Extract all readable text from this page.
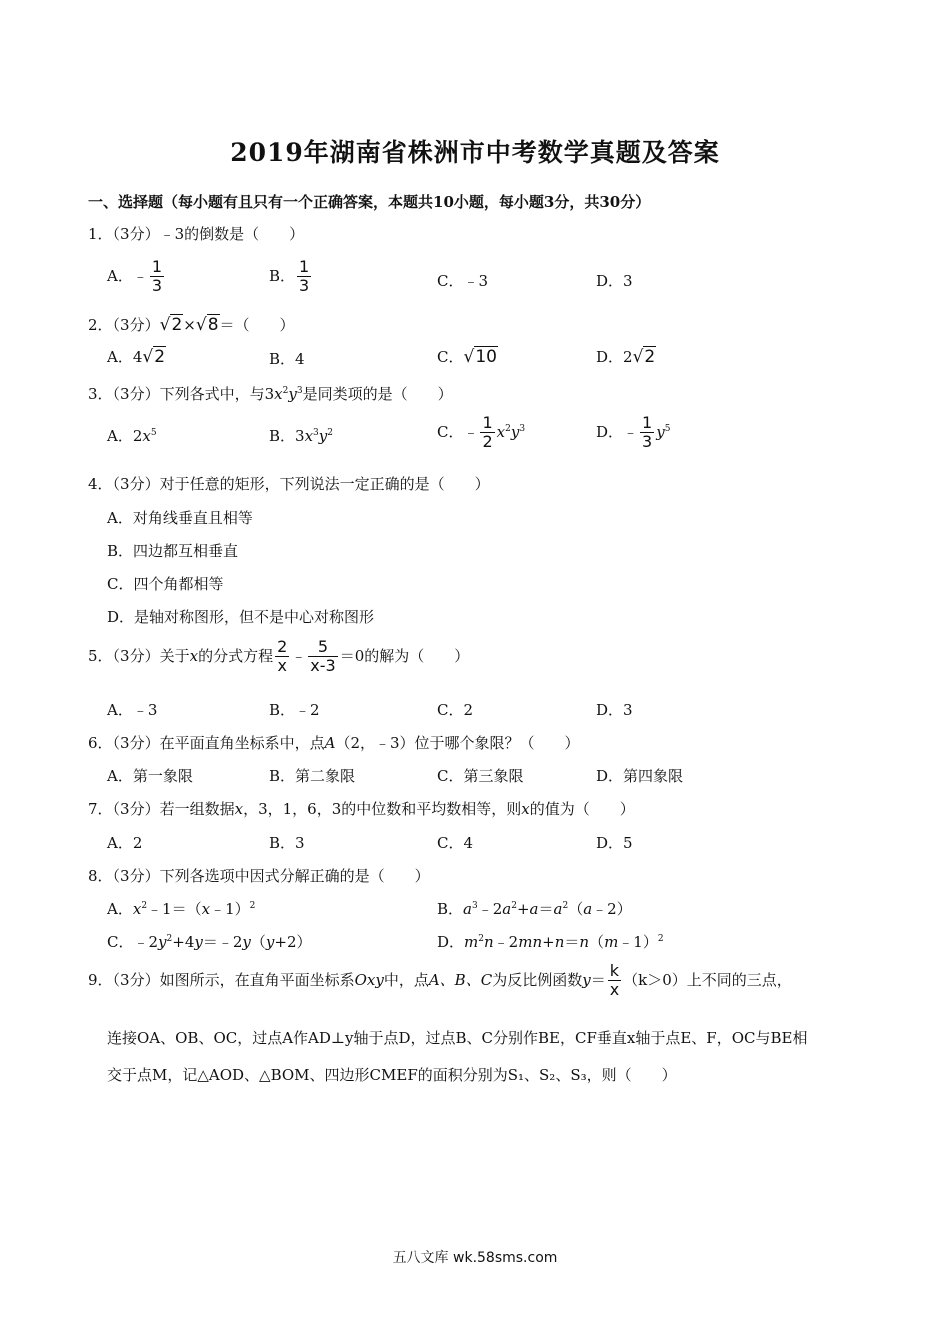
2019年湖南省株洲市中考数学真题及答案
一、选择题（每小题有且只有一个正确答案，本题共10小题，每小题3分，共30分）
1．（3分）﹣3的倒数是（　　）
A．﹣ $\frac{1}{3}$	B． $\frac{1}{3}$	C．﹣3	D．3
2．（3分）√2×√8＝（　　）
A．4√2	B．4	C．√10	D．2√2
3．（3分）下列各式中，与$3x^2y^3$是同类项的是（　　）
A．$2x^5$	B．$3x^3y^2$	C．﹣ $\frac{1}{2} x^2y^3$	D．﹣ $\frac{1}{3} y^5$
4．（3分）对于任意的矩形，下列说法一定正确的是（　　）
A．对角线垂直且相等
B．四边都互相垂直
C．四个角都相等
D．是轴对称图形，但不是中心对称图形
5．（3分）关于x的分式方程 $\frac{2}{x}$ ﹣ $\frac{5}{x-3} =0$的解为（　　）
A．﹣3	B．﹣2	C．2	D．3
6．（3分）在平面直角坐标系中，点A（2，﹣3）位于哪个象限？（　　）
A．第一象限	B．第二象限	C．第三象限	D．第四象限
7．（3分）若一组数据x，3，1，6，3的中位数和平均数相等，则x的值为（　　）
A．2	B．3	C．4	D．5
8．（3分）下列各选项中因式分解正确的是（　　）
A．$x^2﹣1=(x﹣1)^2$	B．$a^3﹣2a^2+a=a^2(a﹣2)$
C．$﹣2y^2+4y=﹣2y(y+2)$	D．$m^2n﹣2mn+n=n(m﹣1)^2$
9．（3分）如图所示，在直角平面坐标系Oxy中，点A、B、C为反比例函数$y= \frac{k}{x} (k>0)$上不同的三点，
连接OA、OB、OC，过点A作AD⊥y轴于点D，过点B、C分别作BE，CF垂直x轴于点E、F，OC与BE相
交于点M，记△AOD、△BOM、四边形CMEF的面积分别为S₁、S₂、S₃，则（　　）
五八文库 wk.58sms.com
